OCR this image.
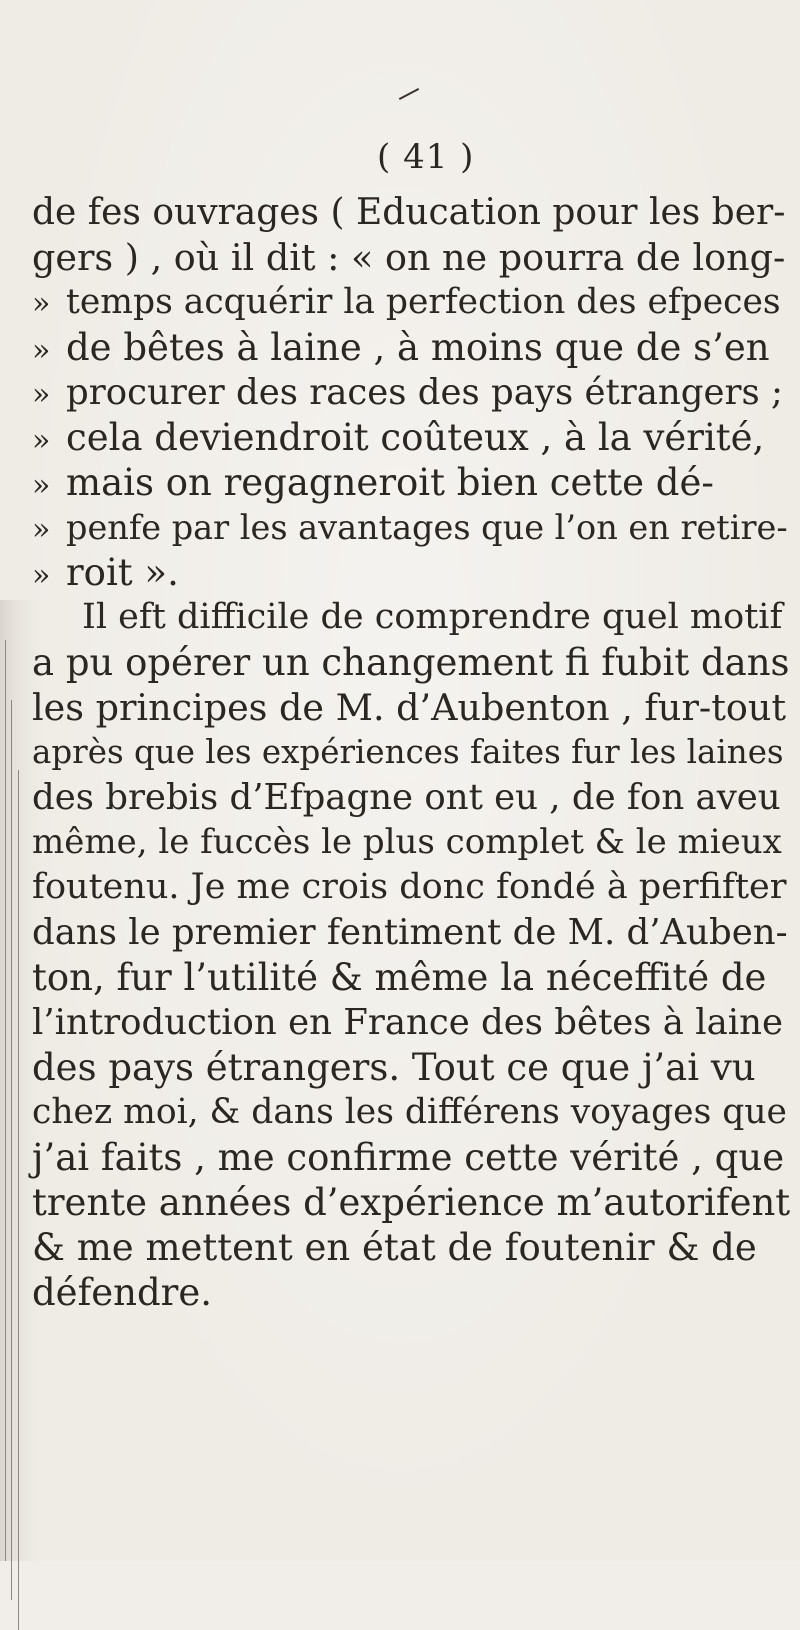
( 41 )
de fes ouvrages ( Education pour les ber-
gers ) , où il dit : « on ne pourra de long-
» temps acquérir la perfection des efpeces
» de bêtes à laine , à moins que de s’en
» procurer des races des pays étrangers ;
» cela deviendroit coûteux , à la vérité,
» mais on regagneroit bien cette dé-
» penfe par les avantages que l’on en retire-
» roit ».
Il eft difficile de comprendre quel motif
a pu opérer un changement fi fubit dans
les principes de M. d’Aubenton , fur-tout
après que les expériences faites fur les laines
des brebis d’Efpagne ont eu , de fon aveu
même, le fuccès le plus complet & le mieux
foutenu. Je me crois donc fondé à perfifter
dans le premier fentiment de M. d’Auben-
ton, fur l’utilité & même la néceffité de
l’introduction en France des bêtes à laine
des pays étrangers. Tout ce que j’ai vu
chez moi, & dans les différens voyages que
j’ai faits , me confirme cette vérité , que
trente années d’expérience m’autorifent
& me mettent en état de foutenir & de
défendre.
